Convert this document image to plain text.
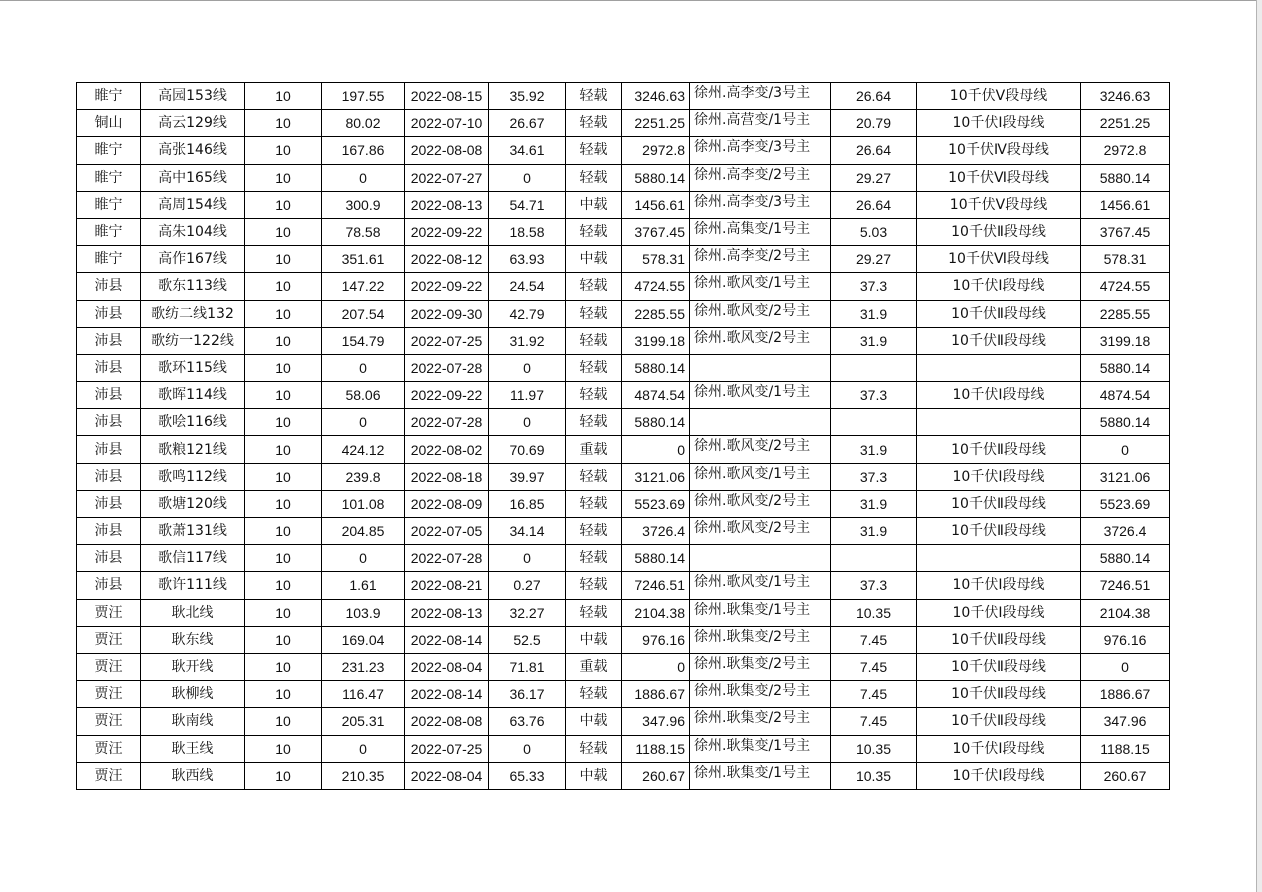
睢宁	高园153线	10	197.55	2022-08-15	35.92	轻载	3246.63	徐州.高李变/3号主	26.64	10千伏Ⅴ段母线	3246.63
铜山	高云129线	10	80.02	2022-07-10	26.67	轻载	2251.25	徐州.高营变/1号主	20.79	10千伏Ⅰ段母线	2251.25
睢宁	高张146线	10	167.86	2022-08-08	34.61	轻载	2972.8	徐州.高李变/3号主	26.64	10千伏Ⅳ段母线	2972.8
睢宁	高中165线	10	0	2022-07-27	0	轻载	5880.14	徐州.高李变/2号主	29.27	10千伏Ⅵ段母线	5880.14
睢宁	高周154线	10	300.9	2022-08-13	54.71	中载	1456.61	徐州.高李变/3号主	26.64	10千伏Ⅴ段母线	1456.61
睢宁	高朱104线	10	78.58	2022-09-22	18.58	轻载	3767.45	徐州.高集变/1号主	5.03	10千伏Ⅱ段母线	3767.45
睢宁	高作167线	10	351.61	2022-08-12	63.93	中载	578.31	徐州.高李变/2号主	29.27	10千伏Ⅵ段母线	578.31
沛县	歌东113线	10	147.22	2022-09-22	24.54	轻载	4724.55	徐州.歌风变/1号主	37.3	10千伏Ⅰ段母线	4724.55
沛县	歌纺二线132	10	207.54	2022-09-30	42.79	轻载	2285.55	徐州.歌风变/2号主	31.9	10千伏Ⅱ段母线	2285.55
沛县	歌纺一122线	10	154.79	2022-07-25	31.92	轻载	3199.18	徐州.歌风变/2号主	31.9	10千伏Ⅱ段母线	3199.18
沛县	歌环115线	10	0	2022-07-28	0	轻载	5880.14				5880.14
沛县	歌晖114线	10	58.06	2022-09-22	11.97	轻载	4874.54	徐州.歌风变/1号主	37.3	10千伏Ⅰ段母线	4874.54
沛县	歌哙116线	10	0	2022-07-28	0	轻载	5880.14				5880.14
沛县	歌粮121线	10	424.12	2022-08-02	70.69	重载	0	徐州.歌风变/2号主	31.9	10千伏Ⅱ段母线	0
沛县	歌鸣112线	10	239.8	2022-08-18	39.97	轻载	3121.06	徐州.歌风变/1号主	37.3	10千伏Ⅰ段母线	3121.06
沛县	歌塘120线	10	101.08	2022-08-09	16.85	轻载	5523.69	徐州.歌风变/2号主	31.9	10千伏Ⅱ段母线	5523.69
沛县	歌萧131线	10	204.85	2022-07-05	34.14	轻载	3726.4	徐州.歌风变/2号主	31.9	10千伏Ⅱ段母线	3726.4
沛县	歌信117线	10	0	2022-07-28	0	轻载	5880.14				5880.14
沛县	歌许111线	10	1.61	2022-08-21	0.27	轻载	7246.51	徐州.歌风变/1号主	37.3	10千伏Ⅰ段母线	7246.51
贾汪	耿北线	10	103.9	2022-08-13	32.27	轻载	2104.38	徐州.耿集变/1号主	10.35	10千伏Ⅰ段母线	2104.38
贾汪	耿东线	10	169.04	2022-08-14	52.5	中载	976.16	徐州.耿集变/2号主	7.45	10千伏Ⅱ段母线	976.16
贾汪	耿开线	10	231.23	2022-08-04	71.81	重载	0	徐州.耿集变/2号主	7.45	10千伏Ⅱ段母线	0
贾汪	耿柳线	10	116.47	2022-08-14	36.17	轻载	1886.67	徐州.耿集变/2号主	7.45	10千伏Ⅱ段母线	1886.67
贾汪	耿南线	10	205.31	2022-08-08	63.76	中载	347.96	徐州.耿集变/2号主	7.45	10千伏Ⅱ段母线	347.96
贾汪	耿王线	10	0	2022-07-25	0	轻载	1188.15	徐州.耿集变/1号主	10.35	10千伏Ⅰ段母线	1188.15
贾汪	耿西线	10	210.35	2022-08-04	65.33	中载	260.67	徐州.耿集变/1号主	10.35	10千伏Ⅰ段母线	260.67
